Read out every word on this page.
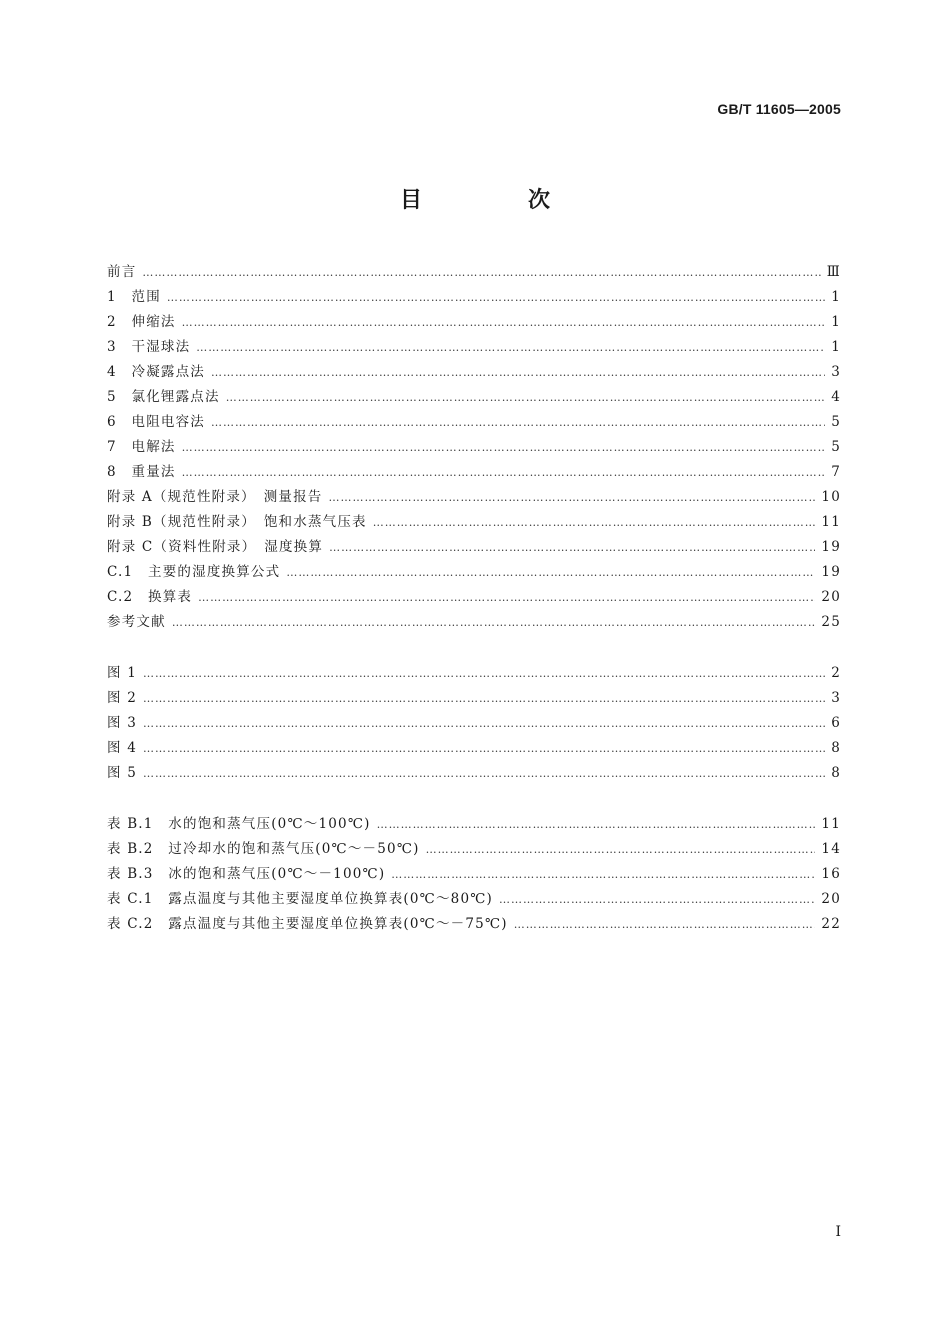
GB/T 11605—2005
目　次
前言 ………………………………………………………………………………………………………………………………………………………………………………………………	Ⅲ
1　范围 ………………………………………………………………………………………………………………………………………………………………………………………………	1
2　伸缩法 ………………………………………………………………………………………………………………………………………………………………………………………………	1
3　干湿球法 ………………………………………………………………………………………………………………………………………………………………………………………………	1
4　冷凝露点法 ………………………………………………………………………………………………………………………………………………………………………………………………	3
5　氯化锂露点法 ………………………………………………………………………………………………………………………………………………………………………………………………	4
6　电阻电容法 ………………………………………………………………………………………………………………………………………………………………………………………………	5
7　电解法 ………………………………………………………………………………………………………………………………………………………………………………………………	5
8　重量法 ………………………………………………………………………………………………………………………………………………………………………………………………	7
附录 A（规范性附录）　测量报告 ………………………………………………………………………………………………………………………………………………………………………………………………	10
附录 B（规范性附录）　饱和水蒸气压表 ………………………………………………………………………………………………………………………………………………………………………………………………	11
附录 C（资料性附录）　湿度换算 ………………………………………………………………………………………………………………………………………………………………………………………………	19
C.1　主要的湿度换算公式 ………………………………………………………………………………………………………………………………………………………………………………………………	19
C.2　换算表 ………………………………………………………………………………………………………………………………………………………………………………………………	20
参考文献 ………………………………………………………………………………………………………………………………………………………………………………………………	25
图 1 ………………………………………………………………………………………………………………………………………………………………………………………………	2
图 2 ………………………………………………………………………………………………………………………………………………………………………………………………	3
图 3 ………………………………………………………………………………………………………………………………………………………………………………………………	6
图 4 ………………………………………………………………………………………………………………………………………………………………………………………………	8
图 5 ………………………………………………………………………………………………………………………………………………………………………………………………	8
表 B.1　水的饱和蒸气压(0℃～100℃) ………………………………………………………………………………………………………………………………………………………………………………………………	11
表 B.2　过冷却水的饱和蒸气压(0℃～－50℃) ………………………………………………………………………………………………………………………………………………………………………………………………	14
表 B.3　冰的饱和蒸气压(0℃～－100℃) ………………………………………………………………………………………………………………………………………………………………………………………………	16
表 C.1　露点温度与其他主要湿度单位换算表(0℃～80℃) ………………………………………………………………………………………………………………………………………………………………………………………………	20
表 C.2　露点温度与其他主要湿度单位换算表(0℃～－75℃) ………………………………………………………………………………………………………………………………………………………………………………………………	22
I
